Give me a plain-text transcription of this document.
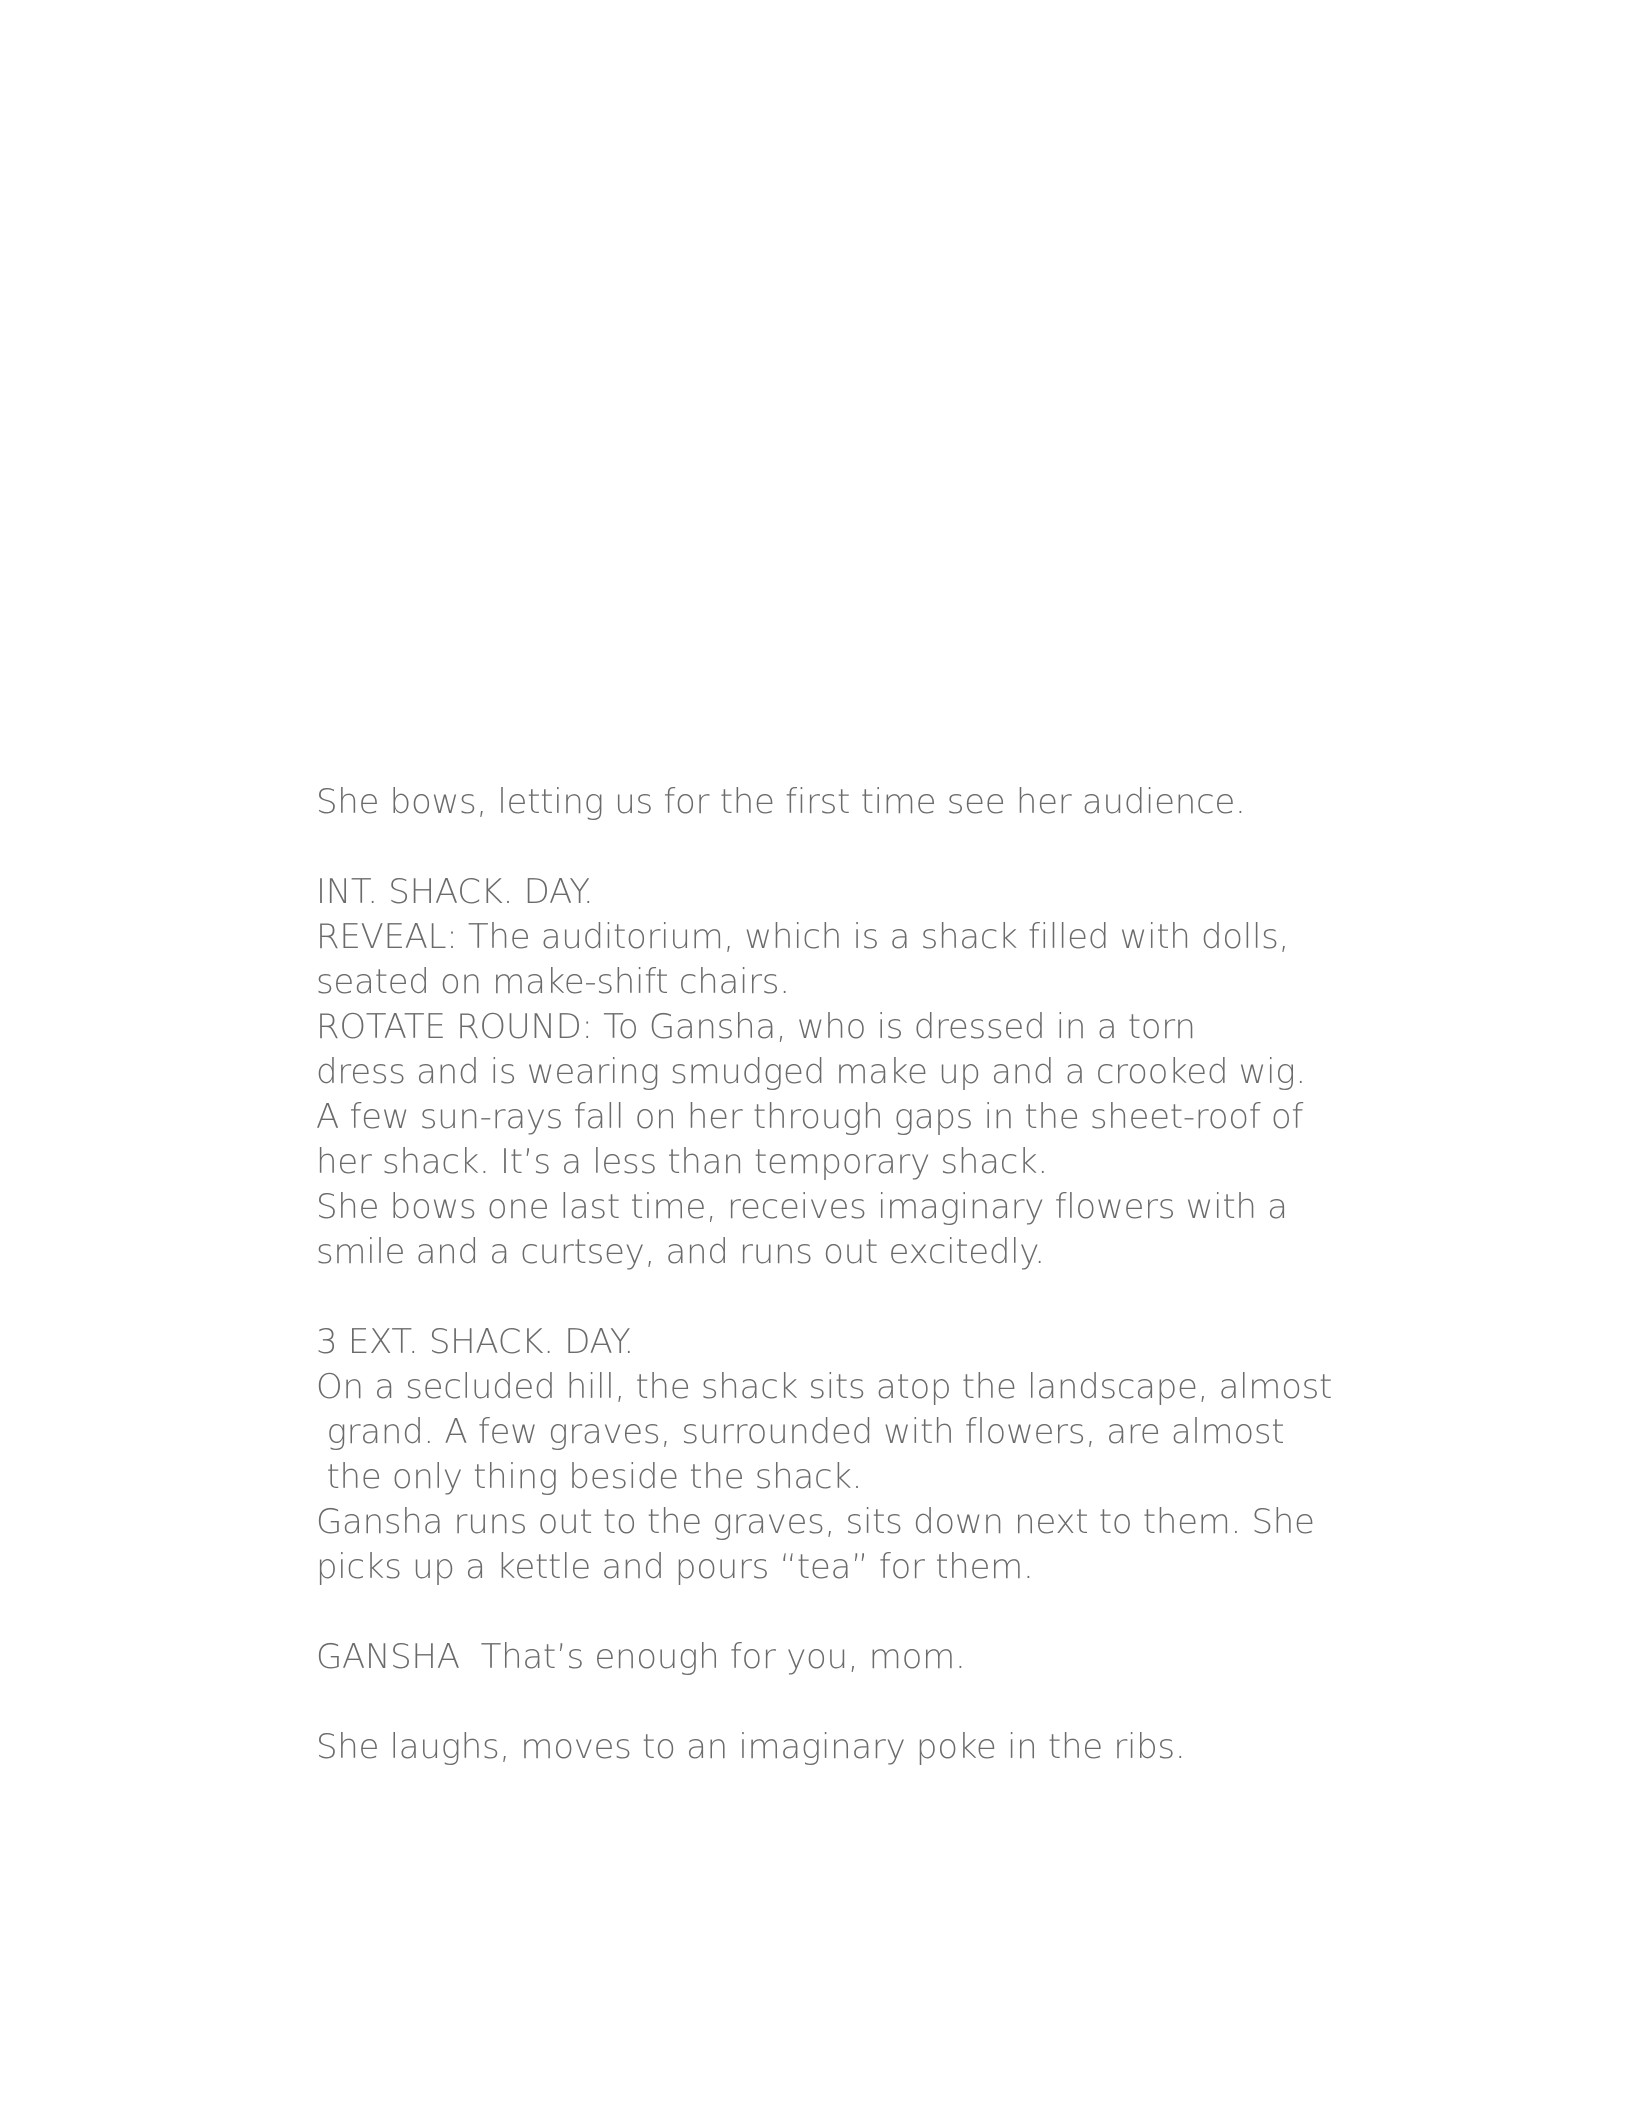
She bows, letting us for the first time see her audience.
INT. SHACK. DAY.
REVEAL: The auditorium, which is a shack filled with dolls,
seated on make-shift chairs.
ROTATE ROUND: To Gansha, who is dressed in a torn
dress and is wearing smudged make up and a crooked wig.
A few sun-rays fall on her through gaps in the sheet-roof of
her shack. It’s a less than temporary shack.
She bows one last time, receives imaginary flowers with a
smile and a curtsey, and runs out excitedly.
3 EXT. SHACK. DAY.
On a secluded hill, the shack sits atop the landscape, almost
grand. A few graves, surrounded with flowers, are almost
the only thing beside the shack.
Gansha runs out to the graves, sits down next to them. She
picks up a kettle and pours “tea” for them.
GANSHA That’s enough for you, mom.
She laughs, moves to an imaginary poke in the ribs.
